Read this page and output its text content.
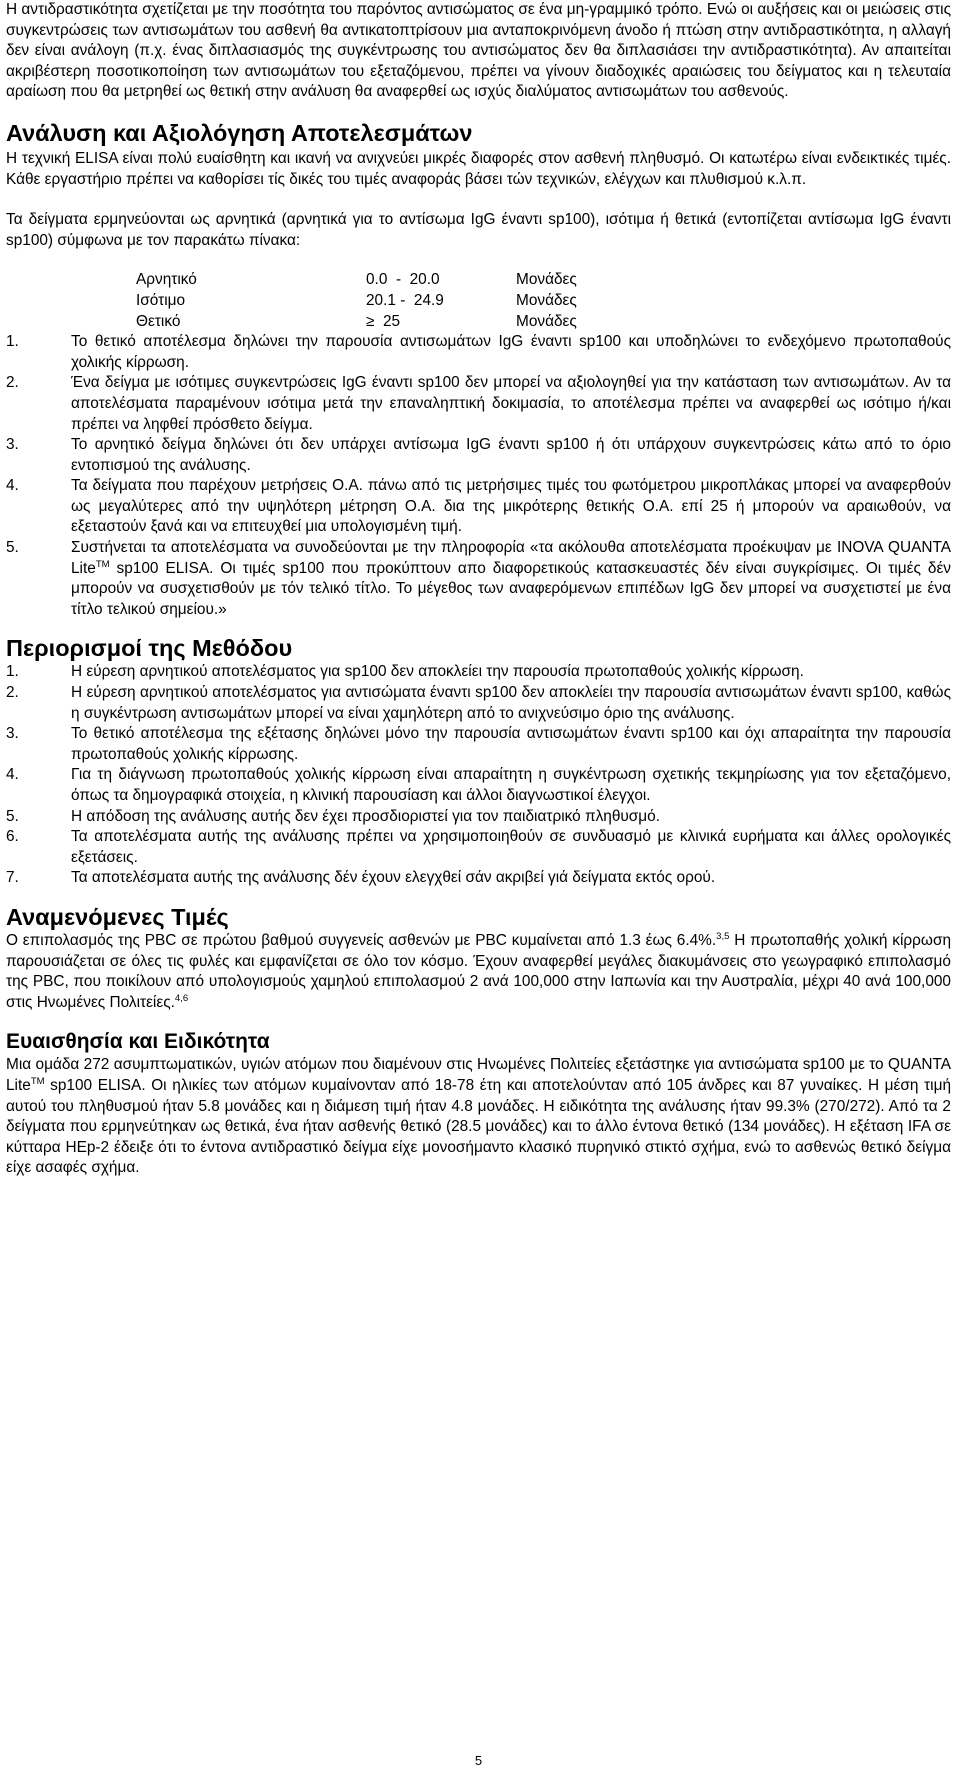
Η αντιδραστικότητα σχετίζεται με την ποσότητα του παρόντος αντισώματος σε ένα μη-γραμμικό τρόπο. Ενώ οι αυξήσεις και οι μειώσεις στις συγκεντρώσεις των αντισωμάτων του ασθενή θα αντικατοπτρίσουν μια ανταποκρινόμενη άνοδο ή πτώση στην αντιδραστικότητα, η αλλαγή δεν είναι ανάλογη (π.χ. ένας διπλασιασμός της συγκέντρωσης του αντισώματος δεν θα διπλασιάσει την αντιδραστικότητα). Αν απαιτείται ακριβέστερη ποσοτικοποίηση των αντισωμάτων του εξεταζόμενου, πρέπει να γίνουν διαδοχικές αραιώσεις του δείγματος και η τελευταία αραίωση που θα μετρηθεί ως θετική στην ανάλυση θα αναφερθεί ως ισχύς διαλύματος αντισωμάτων του ασθενούς.

Ανάλυση και Αξιολόγηση Αποτελεσμάτων

Η τεχνική ELISA είναι πολύ ευαίσθητη και ικανή να ανιχνεύει μικρές διαφορές στον ασθενή πληθυσμό. Οι κατωτέρω είναι ενδεικτικές τιμές. Κάθε εργαστήριο πρέπει να καθορίσει τίς δικές του τιμές αναφοράς βάσει τών τεχνικών, ελέγχων και πλυθισμού κ.λ.π.

Τα δείγματα ερμηνεύονται ως αρνητικά (αρνητικά για το αντίσωμα IgG έναντι sp100), ισότιμα ή θετικά (εντοπίζεται αντίσωμα IgG έναντι sp100) σύμφωνα με τον παρακάτω πίνακα:

Αρνητικό	0.0  -  20.0	Μονάδες
Ισότιμο	20.1 -  24.9	Μονάδες
Θετικό	≥  25	Μονάδες
1.	Το θετικό αποτέλεσμα δηλώνει την παρουσία αντισωμάτων IgG έναντι sp100 και υποδηλώνει το ενδεχόμενο πρωτοπαθούς χολικής κίρρωση.
2.	Ένα δείγμα με ισότιμες συγκεντρώσεις IgG έναντι sp100 δεν μπορεί να αξιολογηθεί για την κατάσταση των αντισωμάτων. Αν τα αποτελέσματα παραμένουν ισότιμα μετά την επαναληπτική δοκιμασία, το αποτέλεσμα πρέπει να αναφερθεί ως ισότιμο ή/και πρέπει να ληφθεί πρόσθετο δείγμα.
3.	Το αρνητικό δείγμα δηλώνει ότι δεν υπάρχει αντίσωμα IgG έναντι sp100 ή ότι υπάρχουν συγκεντρώσεις κάτω από το όριο εντοπισμού της ανάλυσης.
4.	Τα δείγματα που παρέχουν μετρήσεις Ο.Α. πάνω από τις μετρήσιμες τιμές του φωτόμετρου μικροπλάκας μπορεί να αναφερθούν ως μεγαλύτερες από την υψηλότερη μέτρηση Ο.Α. δια της μικρότερης θετικής Ο.Α. επί 25 ή μπορούν να αραιωθούν, να εξεταστούν ξανά και να επιτευχθεί μια υπολογισμένη τιμή.
5.	Συστήνεται τα αποτελέσματα να συνοδεύονται με την πληροφορία «τα ακόλουθα αποτελέσματα προέκυψαν με INOVA QUANTA Lite™ sp100 ELISA. Οι τιμές sp100 που προκύπτουν απο διαφορετικούς κατασκευαστές δέν είναι συγκρίσιμες. Οι τιμές δέν μπορούν να συσχετισθούν με τόν τελικό τίτλο. Το μέγεθος των αναφερόμενων επιπέδων IgG δεν μπορεί να συσχετιστεί με ένα τίτλο τελικού σημείου.»
Περιορισμοί της Μεθόδου
1.	Η εύρεση αρνητικού αποτελέσματος για sp100 δεν αποκλείει την παρουσία πρωτοπαθούς χολικής κίρρωση.
2.	Η εύρεση αρνητικού αποτελέσματος για αντισώματα έναντι sp100 δεν αποκλείει την παρουσία αντισωμάτων έναντι sp100, καθώς η συγκέντρωση αντισωμάτων μπορεί να είναι χαμηλότερη από το ανιχνεύσιμο όριο της ανάλυσης.
3.	Το θετικό αποτέλεσμα της εξέτασης δηλώνει μόνο την παρουσία αντισωμάτων έναντι sp100 και όχι απαραίτητα την παρουσία πρωτοπαθούς χολικής κίρρωσης.
4.	Για τη διάγνωση πρωτοπαθούς χολικής κίρρωση είναι απαραίτητη η συγκέντρωση σχετικής τεκμηρίωσης για τον εξεταζόμενο, όπως τα δημογραφικά στοιχεία, η κλινική παρουσίαση και άλλοι διαγνωστικοί έλεγχοι.
5.	Η απόδοση της ανάλυσης αυτής δεν έχει προσδιοριστεί για τον παιδιατρικό πληθυσμό.
6.	Τα αποτελέσματα αυτής της ανάλυσης πρέπει να χρησιμοποιηθούν σε συνδυασμό με κλινικά ευρήματα και άλλες ορολογικές εξετάσεις.
7.	Τα αποτελέσματα αυτής της ανάλυσης δέν έχουν ελεγχθεί σάν ακριβεί γιά δείγματα εκτός ορού.
Αναμενόμενες Τιμές

Ο επιπολασμός της PBC σε πρώτου βαθμού συγγενείς ασθενών με PBC κυμαίνεται από 1.3 έως 6.4%.$^{3,5}$ Η πρωτοπαθής χολική κίρρωση παρουσιάζεται σε όλες τις φυλές και εμφανίζεται σε όλο τον κόσμο. Έχουν αναφερθεί μεγάλες διακυμάνσεις στο γεωγραφικό επιπολασμό της PBC, που ποικίλουν από υπολογισμούς χαμηλού επιπολασμού 2 ανά 100,000 στην Ιαπωνία και την Αυστραλία, μέχρι 40 ανά 100,000 στις Ηνωμένες Πολιτείες.$^{4,6}$

Ευαισθησία και Ειδικότητα

Μια ομάδα 272 ασυμπτωματικών, υγιών ατόμων που διαμένουν στις Ηνωμένες Πολιτείες εξετάστηκε για αντισώματα sp100 με το QUANTA Lite™ sp100 ELISA. Οι ηλικίες των ατόμων κυμαίνονταν από 18-78 έτη και αποτελούνταν από 105 άνδρες και 87 γυναίκες. Η μέση τιμή αυτού του πληθυσμού ήταν 5.8 μονάδες και η διάμεση τιμή ήταν 4.8 μονάδες. Η ειδικότητα της ανάλυσης ήταν 99.3% (270/272). Από τα 2 δείγματα που ερμηνεύτηκαν ως θετικά, ένα ήταν ασθενής θετικό (28.5 μονάδες) και το άλλο έντονα θετικό (134 μονάδες). Η εξέταση IFA σε κύτταρα HEp-2 έδειξε ότι το έντονα αντιδραστικό δείγμα είχε μονοσήμαντο κλασικό πυρηνικό στικτό σχήμα, ενώ το ασθενώς θετικό δείγμα είχε ασαφές σχήμα.

5
